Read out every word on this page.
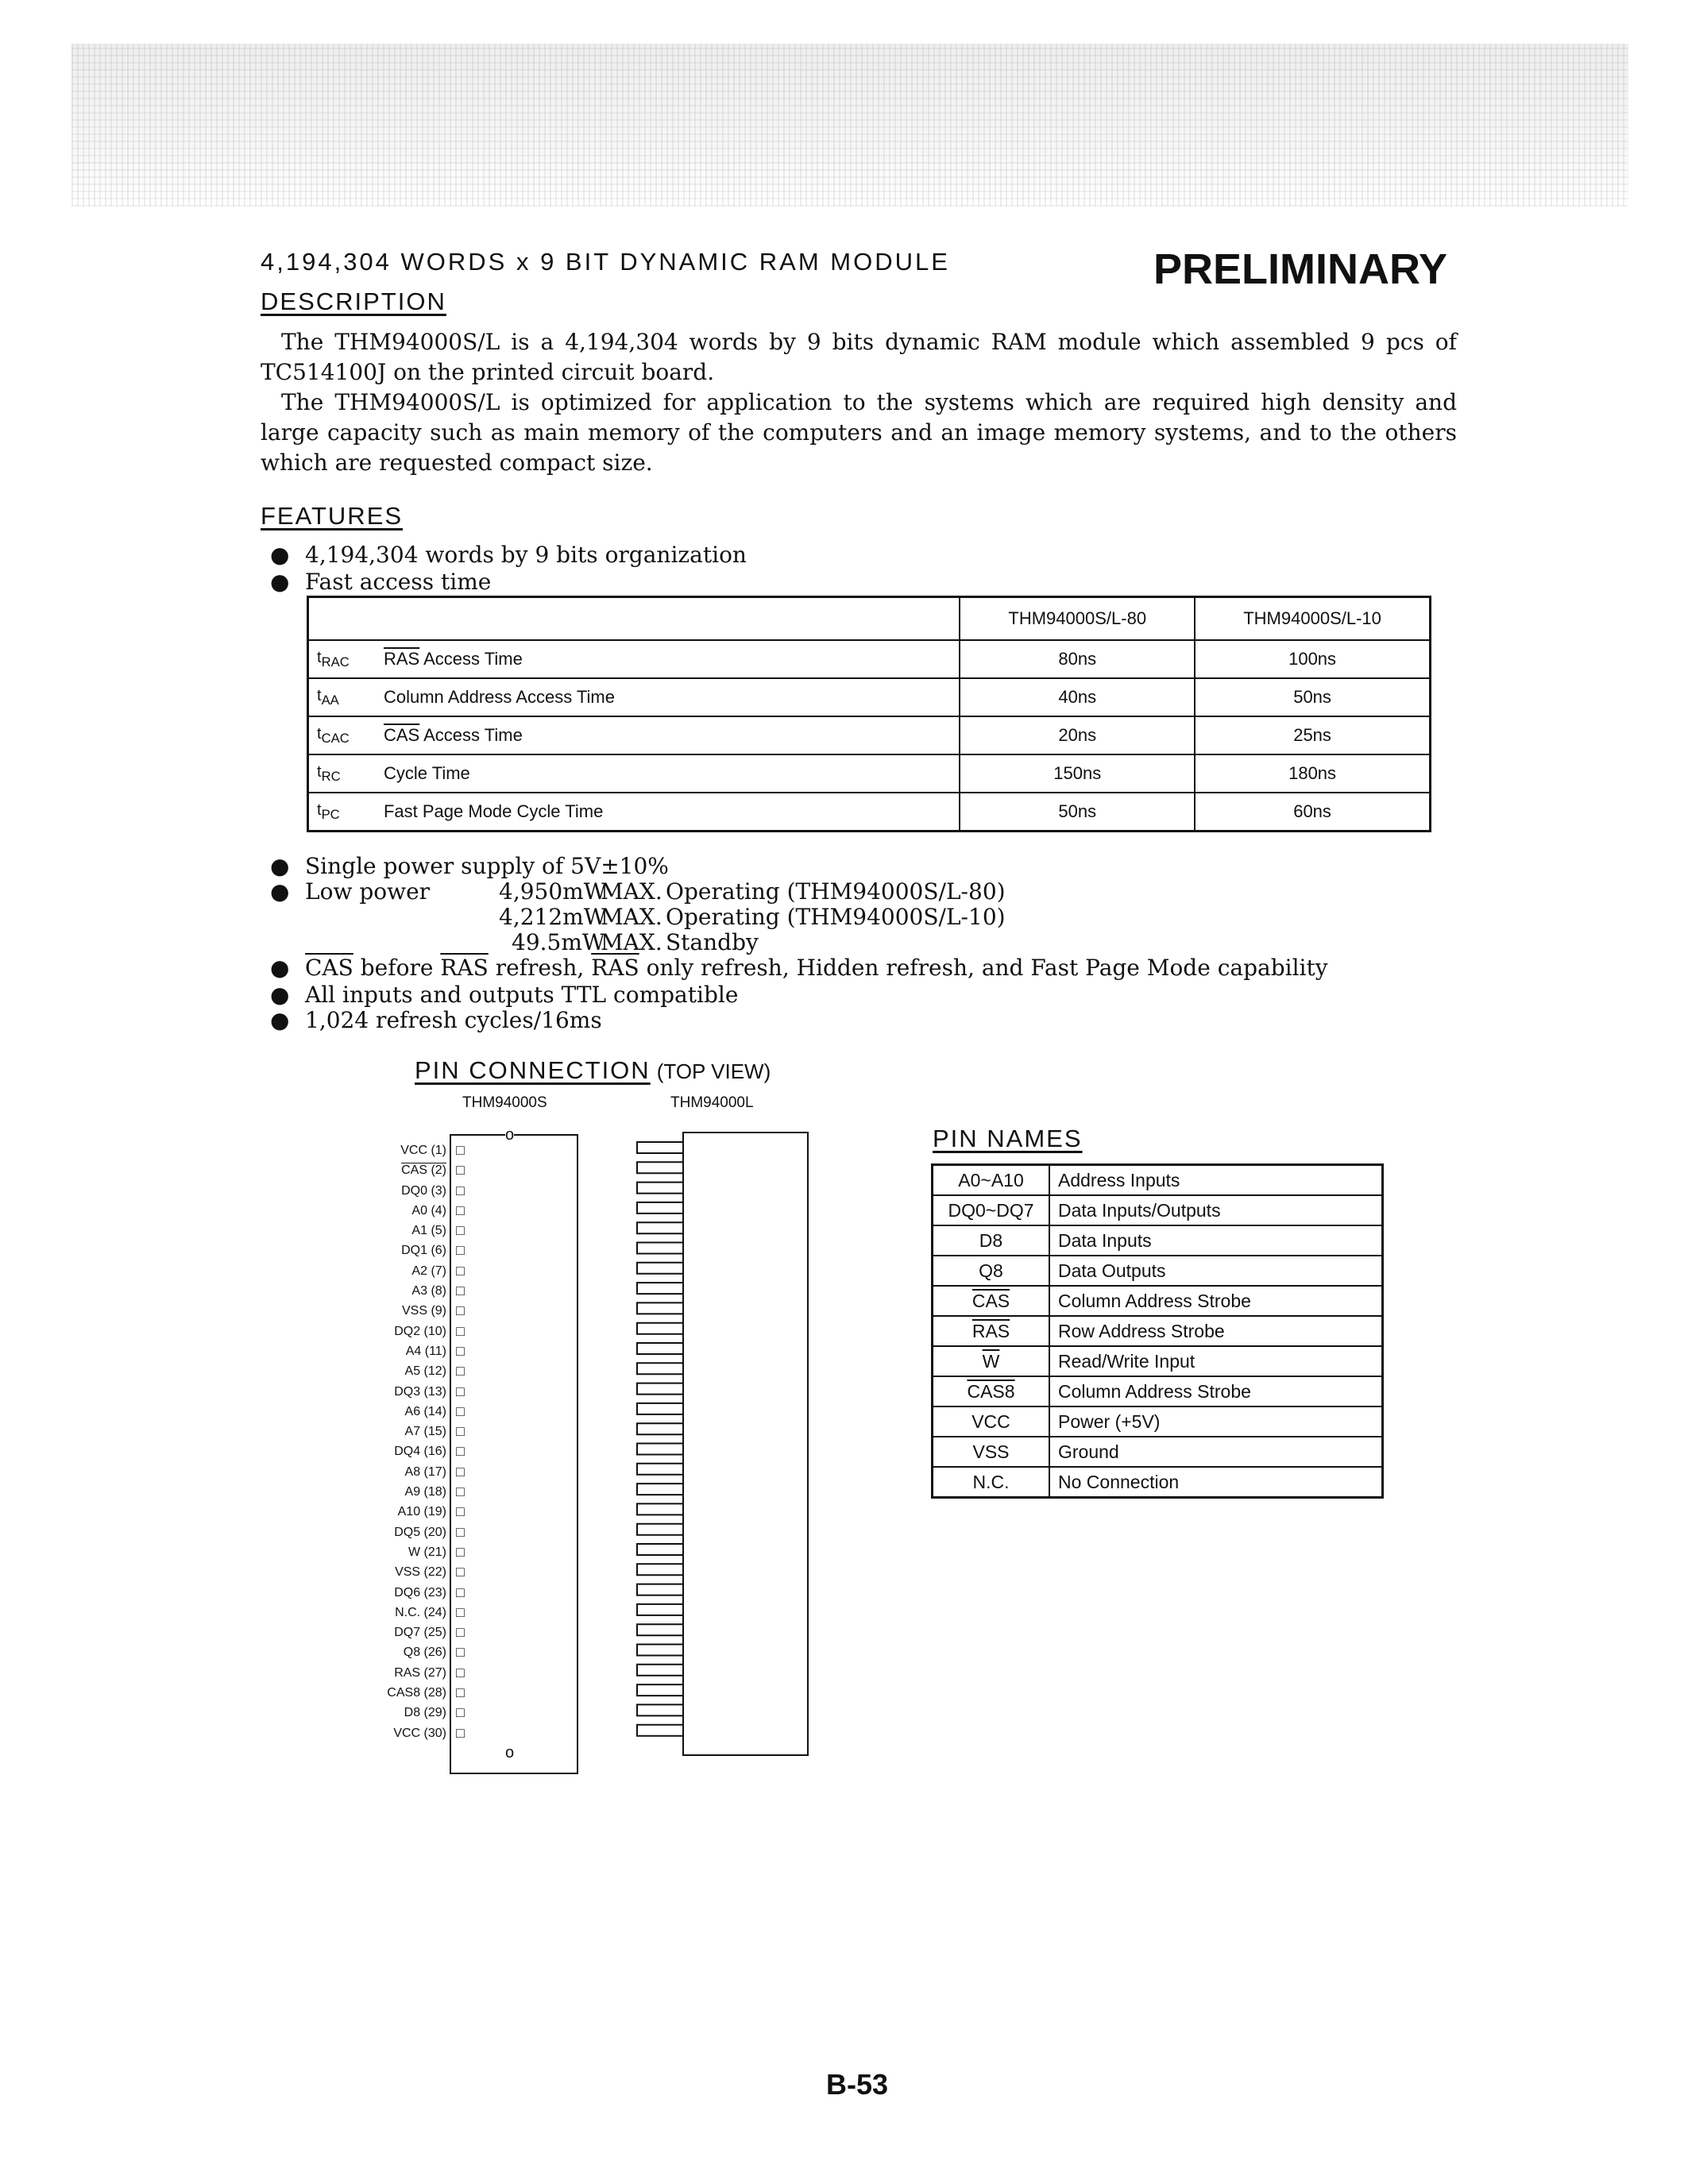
4,194,304 WORDS x 9 BIT DYNAMIC RAM MODULE	PRELIMINARY
DESCRIPTION
The THM94000S/L is a 4,194,304 words by 9 bits dynamic RAM module which assembled 9 pcs of TC514100J on the printed circuit board.
The THM94000S/L is optimized for application to the systems which are required high density and large capacity such as main memory of the computers and an image memory systems, and to the others which are requested compact size.
FEATURES
● 4,194,304 words by 9 bits organization
● Fast access time
		THM94000S/L-80	THM94000S/L-10
$t_{RAC}$	$\overline{RAS}$ Access Time	80ns	100ns
$t_{AA}$	Column Address Access Time	40ns	50ns
$t_{CAC}$	$\overline{CAS}$ Access Time	20ns	25ns
$t_{RC}$	Cycle Time	150ns	180ns
$t_{PC}$	Fast Page Mode Cycle Time	50ns	60ns
● Single power supply of 5V±10%
● Low power	4,950mWMAX. Operating (THM94000S/L-80)
4,212mWMAX. Operating (THM94000S/L-10)
49.5mWMAX. Standby
● $\overline{CAS}$ before $\overline{RAS}$ refresh, $\overline{RAS}$ only refresh, Hidden refresh, and Fast Page Mode capability
● All inputs and outputs TTL compatible
● 1,024 refresh cycles/16ms
PIN CONNECTION (TOP VIEW)
THM94000S	THM94000L
o
o
VCC (1)
CAS (2)
DQ0 (3)
A0 (4)
A1 (5)
DQ1 (6)
A2 (7)
A3 (8)
VSS (9)
DQ2 (10)
A4 (11)
A5 (12)
DQ3 (13)
A6 (14)
A7 (15)
DQ4 (16)
A8 (17)
A9 (18)
A10 (19)
DQ5 (20)
W (21)
VSS (22)
DQ6 (23)
N.C. (24)
DQ7 (25)
Q8 (26)
RAS (27)
CAS8 (28)
D8 (29)
VCC (30)
□
□
□
□
□
□
□
□
□
□
□
□
□
□
□
□
□
□
□
□
□
□
□
□
□
□
□
□
□
□
PIN NAMES
A0~A10	Address Inputs
DQ0~DQ7	Data Inputs/Outputs
D8	Data Inputs
Q8	Data Outputs
$\overline{CAS}$	Column Address Strobe
$\overline{RAS}$	Row Address Strobe
$\overline{W}$	Read/Write Input
CAS8	Column Address Strobe
VCC	Power (+5V)
VSS	Ground
N.C.	No Connection
B-53
